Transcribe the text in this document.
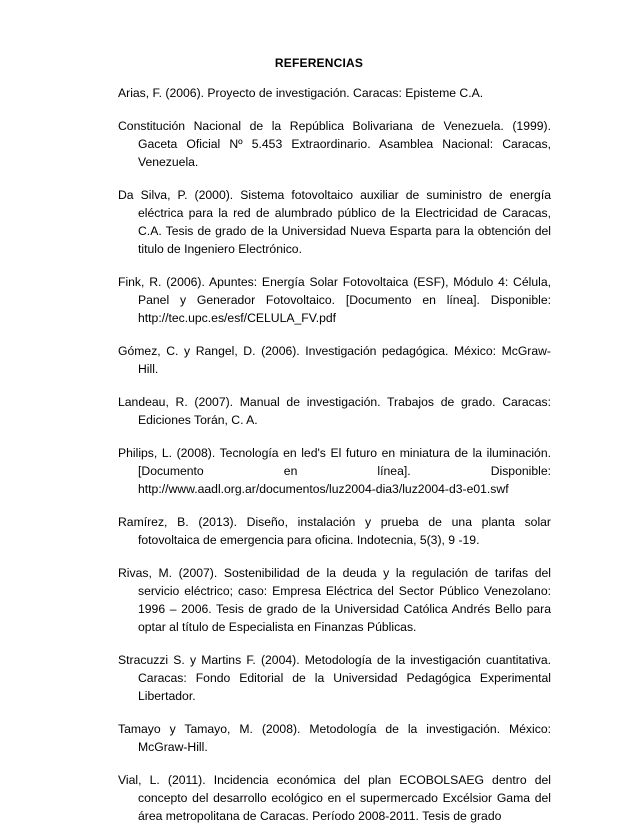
REFERENCIAS
Arias, F. (2006). Proyecto de investigación. Caracas: Episteme C.A.
Constitución Nacional de la República Bolivariana de Venezuela. (1999). Gaceta Oficial Nº 5.453 Extraordinario. Asamblea Nacional: Caracas, Venezuela.
Da Silva, P. (2000). Sistema fotovoltaico auxiliar de suministro de energía eléctrica para la red de alumbrado público de la Electricidad de Caracas, C.A. Tesis de grado de la Universidad Nueva Esparta para la obtención del titulo de Ingeniero Electrónico.
Fink, R. (2006). Apuntes: Energía Solar Fotovoltaica (ESF), Módulo 4: Célula, Panel y Generador Fotovoltaico. [Documento en línea]. Disponible: http://tec.upc.es/esf/CELULA_FV.pdf
Gómez, C. y Rangel, D. (2006). Investigación pedagógica. México: McGraw-Hill.
Landeau, R. (2007). Manual de investigación. Trabajos de grado. Caracas: Ediciones Torán, C. A.
Philips, L. (2008). Tecnología en led's El futuro en miniatura de la iluminación. [Documento en línea]. Disponible: http://www.aadl.org.ar/documentos/luz2004-dia3/luz2004-d3-e01.swf
Ramírez, B. (2013). Diseño, instalación y prueba de una planta solar fotovoltaica de emergencia para oficina. Indotecnia, 5(3), 9 -19.
Rivas, M. (2007). Sostenibilidad de la deuda y la regulación de tarifas del servicio eléctrico; caso: Empresa Eléctrica del Sector Público Venezolano: 1996 – 2006. Tesis de grado de la Universidad Católica Andrés Bello para optar al título de Especialista en Finanzas Públicas.
Stracuzzi S. y Martins F. (2004). Metodología de la investigación cuantitativa. Caracas: Fondo Editorial de la Universidad Pedagógica Experimental Libertador.
Tamayo y Tamayo, M. (2008). Metodología de la investigación. México: McGraw-Hill.
Vial, L. (2011). Incidencia económica del plan ECOBOLSAEG dentro del concepto del desarrollo ecológico en el supermercado Excélsior Gama del área metropolitana de Caracas. Período 2008-2011. Tesis de grado
